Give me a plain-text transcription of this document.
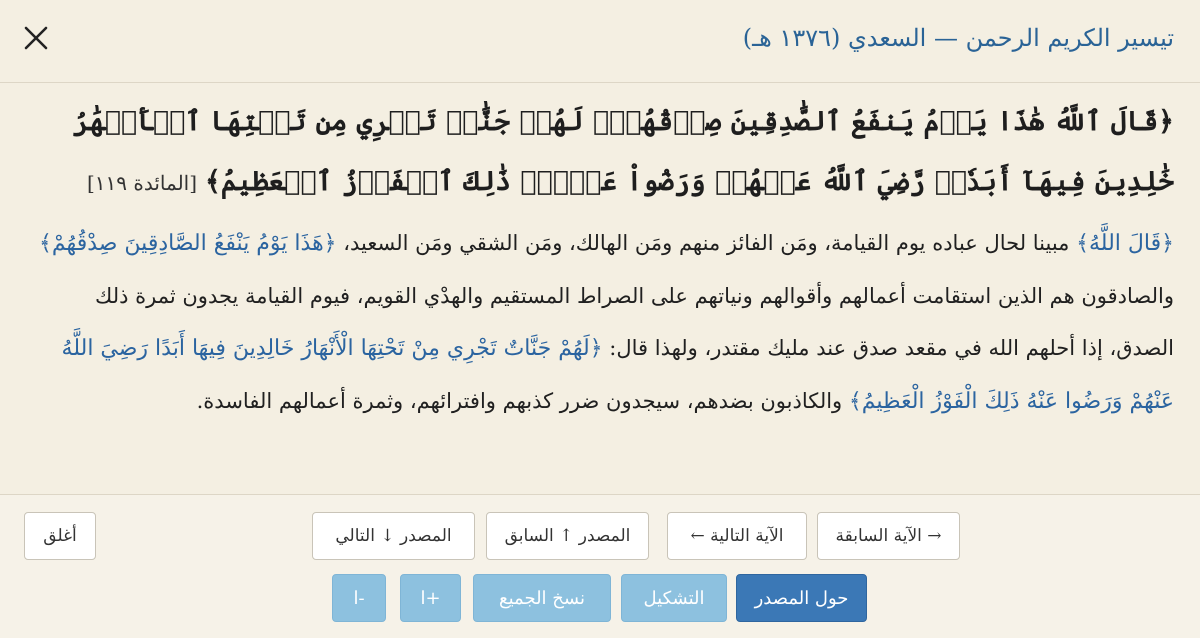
تيسير الكريم الرحمن — السعدي (١٣٧٦ هـ)

﴿قَالَ ٱللَّهُ هَٰذَا يَوۡمُ يَنفَعُ ٱلصَّٰدِقِينَ صِدۡقُهُمۡۚ لَهُمۡ جَنَّٰتٞ تَجۡرِي مِن تَحۡتِهَا ٱلۡأَنۡهَٰرُ خَٰلِدِينَ فِيهَآ أَبَدٗاۖ رَّضِيَ ٱللَّهُ عَنۡهُمۡ وَرَضُواْ عَنۡهُۚ ذَٰلِكَ ٱلۡفَوۡزُ ٱلۡعَظِيمُ﴾[المائدة ١١٩]

﴿قَالَ اللَّهُ﴾ مبينا لحال عباده يوم القيامة، ومَن الفائز منهم ومَن الهالك، ومَن الشقي ومَن السعيد، ﴿هَذَا يَوْمُ يَنْفَعُ الصَّادِقِينَ صِدْقُهُمْ﴾ والصادقون هم الذين استقامت أعمالهم وأقوالهم ونياتهم على الصراط المستقيم والهدْي القويم، فيوم القيامة يجدون ثمرة ذلك الصدق، إذا أحلهم الله في مقعد صدق عند مليك مقتدر، ولهذا قال: ﴿لَهُمْ جَنَّاتٌ تَجْرِي مِنْ تَحْتِهَا الْأَنْهَارُ خَالِدِينَ فِيهَا أَبَدًا رَضِيَ اللَّهُ عَنْهُمْ وَرَضُوا عَنْهُ ذَلِكَ الْفَوْزُ الْعَظِيمُ﴾ والكاذبون بضدهم، سيجدون ضرر كذبهم وافترائهم، وثمرة أعمالهم الفاسدة.

أغلق	→ الآية السابقة
الآية التالية ←
المصدر ↑ السابق
المصدر ↓ التالي
حول المصدر
التشكيل
نسخ الجميع
+ا
-ا
